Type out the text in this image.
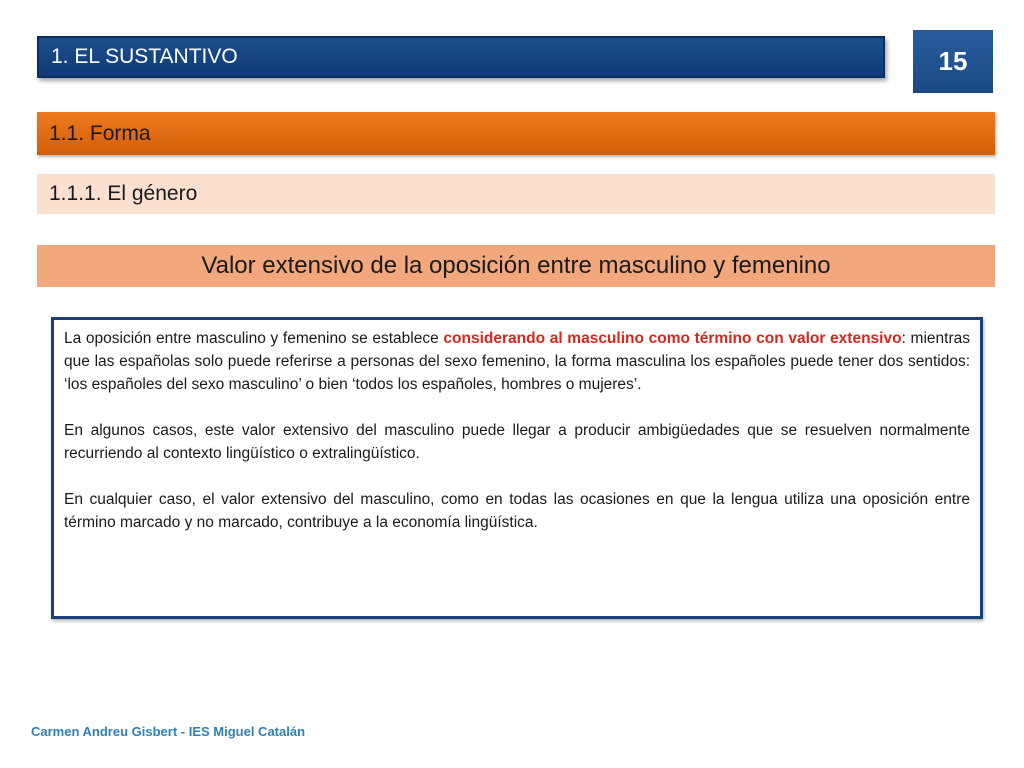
1. EL SUSTANTIVO	15
1.1. Forma
1.1.1. El género
Valor extensivo de la oposición entre masculino y femenino

La oposición entre masculino y femenino se establece considerando al masculino como término con valor extensivo: mientras que las españolas solo puede referirse a personas del sexo femenino, la forma masculina los españoles puede tener dos sentidos: ‘los españoles del sexo masculino’ o bien ‘todos los españoles, hombres o mujeres’.

En algunos casos, este valor extensivo del masculino puede llegar a producir ambigüedades que se resuelven normalmente recurriendo al contexto lingüístico o extralingüístico.

En cualquier caso, el valor extensivo del masculino, como en todas las ocasiones en que la lengua utiliza una oposición entre término marcado y no marcado, contribuye a la economía lingüística.

Carmen Andreu Gisbert - IES Miguel Catalán
